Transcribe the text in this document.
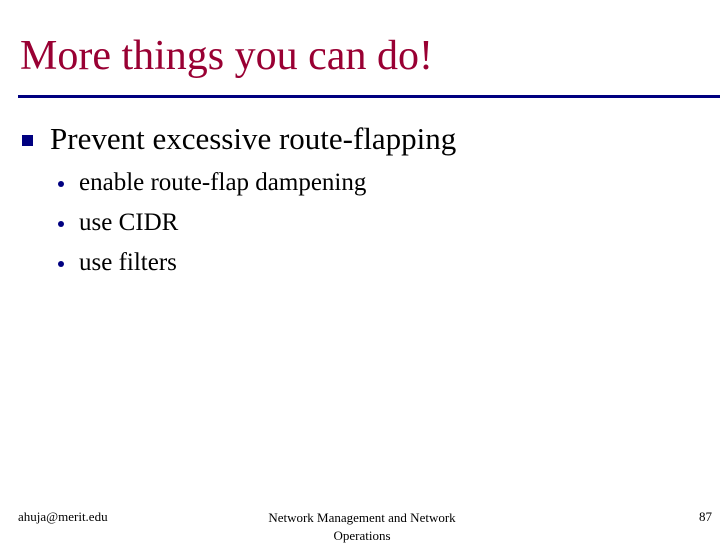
More things you can do!
Prevent excessive route-flapping
enable route-flap dampening
use CIDR
use filters
ahuja@merit.edu	Network Management and Network Operations
87
